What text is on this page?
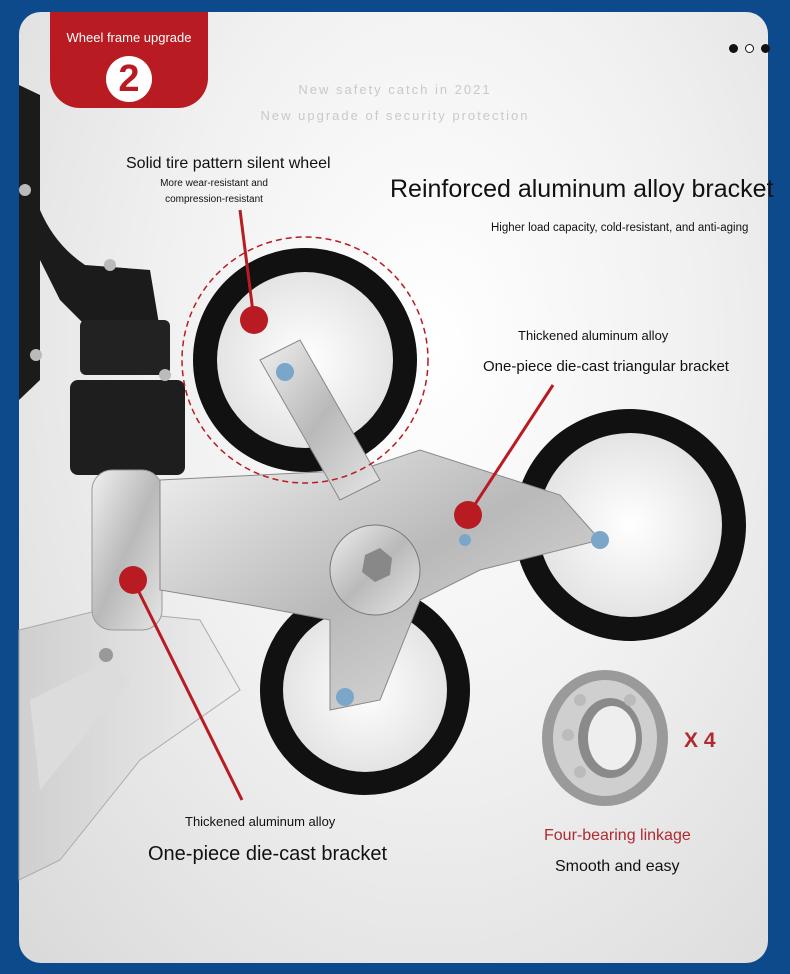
Wheel frame upgrade
2	New safety catch in 2021
New upgrade of security protection
Solid tire pattern silent wheel
More wear-resistant and
compression-resistant	Reinforced aluminum alloy bracket
Higher load capacity, cold-resistant, and anti-aging
Thickened aluminum alloy
One-piece die-cast triangular bracket
Thickened aluminum alloy
One-piece die-cast bracket
X 4
Four-bearing linkage
Smooth and easy
